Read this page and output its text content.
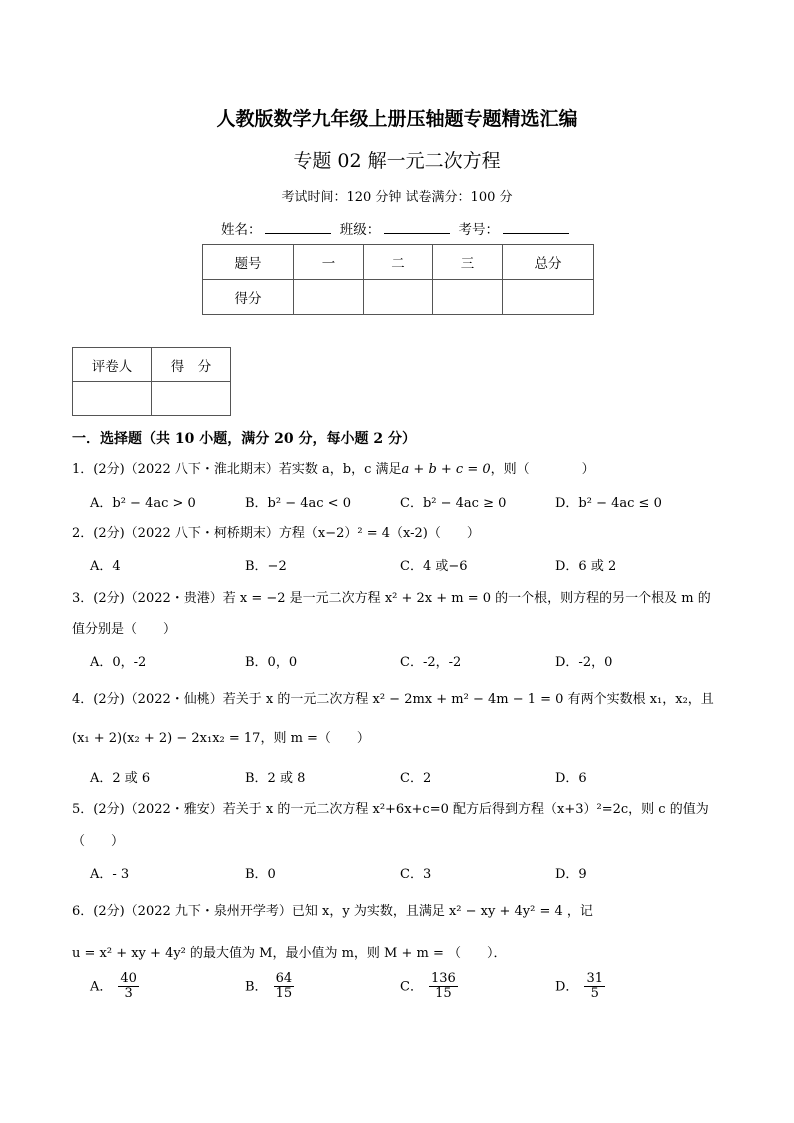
人教版数学九年级上册压轴题专题精选汇编
专题 02 解一元二次方程
考试时间：120 分钟 试卷满分：100 分
姓名：	班级：	考号：
题号	一	二	三	总分
得分				
评卷人	得　分

一．选择题（共 10 小题，满分 20 分，每小题 2 分）
1．(2分)（2022 八下・淮北期末）若实数 a，b，c 满足a + b + c = 0，则（　　　　）
A．b² − 4ac > 0	B．b² − 4ac < 0	C．b² − 4ac ≥ 0	D．b² − 4ac ≤ 0
2．(2分)（2022 八下・柯桥期末）方程（x−2）² = 4（x-2)（　　）
A．4	B．−2	C．4 或−6	D．6 或 2
3．(2分)（2022・贵港）若 x = −2 是一元二次方程 x² + 2x + m = 0 的一个根，则方程的另一个根及 m 的
值分别是（　　）
A．0，-2	B．0，0	C．-2，-2	D．-2，0
4．(2分)（2022・仙桃）若关于 x 的一元二次方程 x² − 2mx + m² − 4m − 1 = 0 有两个实数根 x₁，x₂，且
(x₁ + 2)(x₂ + 2) − 2x₁x₂ = 17，则 m =（　　）
A．2 或 6	B．2 或 8	C．2	D．6
5．(2分)（2022・雅安）若关于 x 的一元二次方程 x²+6x+c=0 配方后得到方程（x+3）²=2c，则 c 的值为
（　　）
A．- 3	B．0	C．3	D．9
6．(2分)（2022 九下・泉州开学考）已知 x，y 为实数，且满足 x² − xy + 4y² = 4 ，记
u = x² + xy + 4y² 的最大值为 M，最小值为 m，则 M + m = （　　）．
A． $\frac{40}{3}$	B． $\frac{64}{15}$	C． $\frac{136}{15}$	D． $\frac{31}{5}$
